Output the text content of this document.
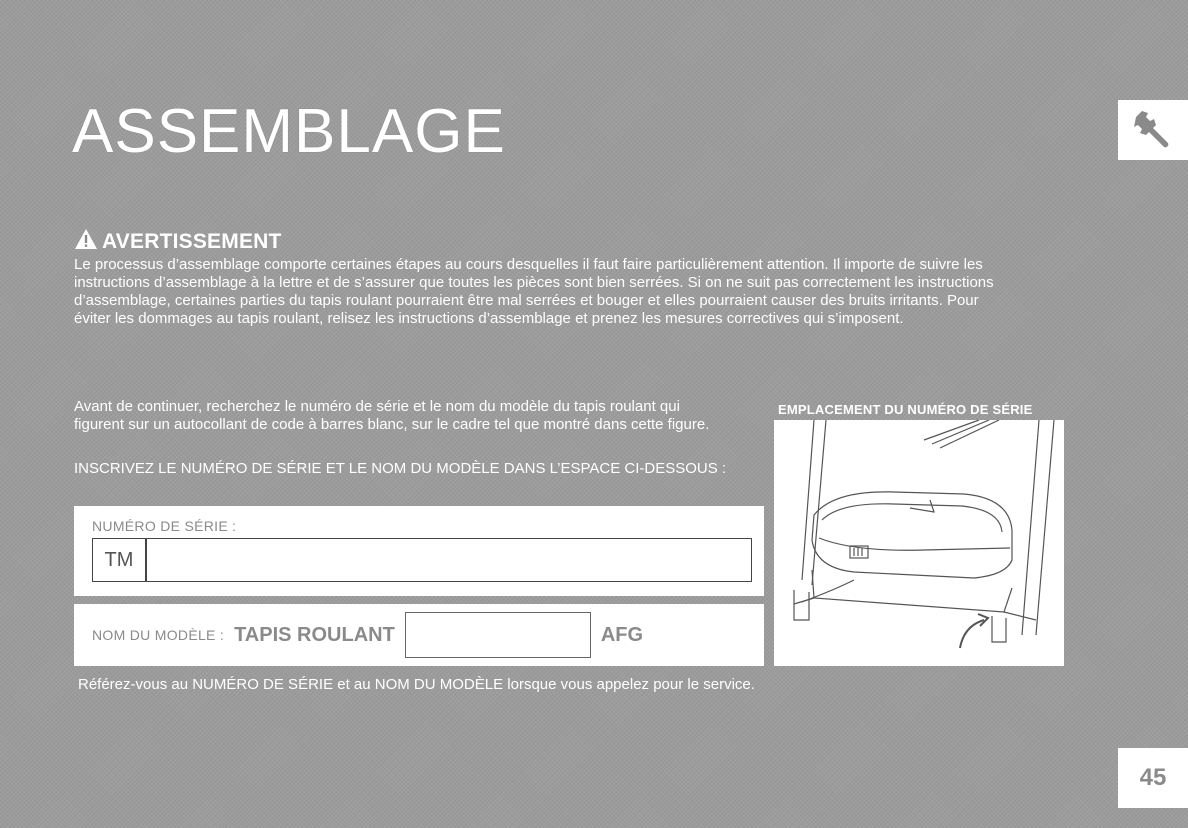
ASSEMBLAGE
AVERTISSEMENT
Le processus d’assemblage comporte certaines étapes au cours desquelles il faut faire particulièrement attention. Il importe de suivre les
instructions d’assemblage à la lettre et de s’assurer que toutes les pièces sont bien serrées. Si on ne suit pas correctement les instructions
d’assemblage, certaines parties du tapis roulant pourraient être mal serrées et bouger et elles pourraient causer des bruits irritants. Pour
éviter les dommages au tapis roulant, relisez les instructions d’assemblage et prenez les mesures correctives qui s’imposent.
Avant de continuer, recherchez le numéro de série et le nom du modèle du tapis roulant qui
figurent sur un autocollant de code à barres blanc, sur le cadre tel que montré dans cette figure.
INSCRIVEZ LE NUMÉRO DE SÉRIE ET LE NOM DU MODÈLE DANS L’ESPACE CI-DESSOUS :
NUMÉRO DE SÉRIE :
TM
NOM DU MODÈLE : TAPIS ROULANT	AFG
Référez-vous au NUMÉRO DE SÉRIE et au NOM DU MODÈLE lorsque vous appelez pour le service.
EMPLACEMENT DU NUMÉRO DE SÉRIE
45
